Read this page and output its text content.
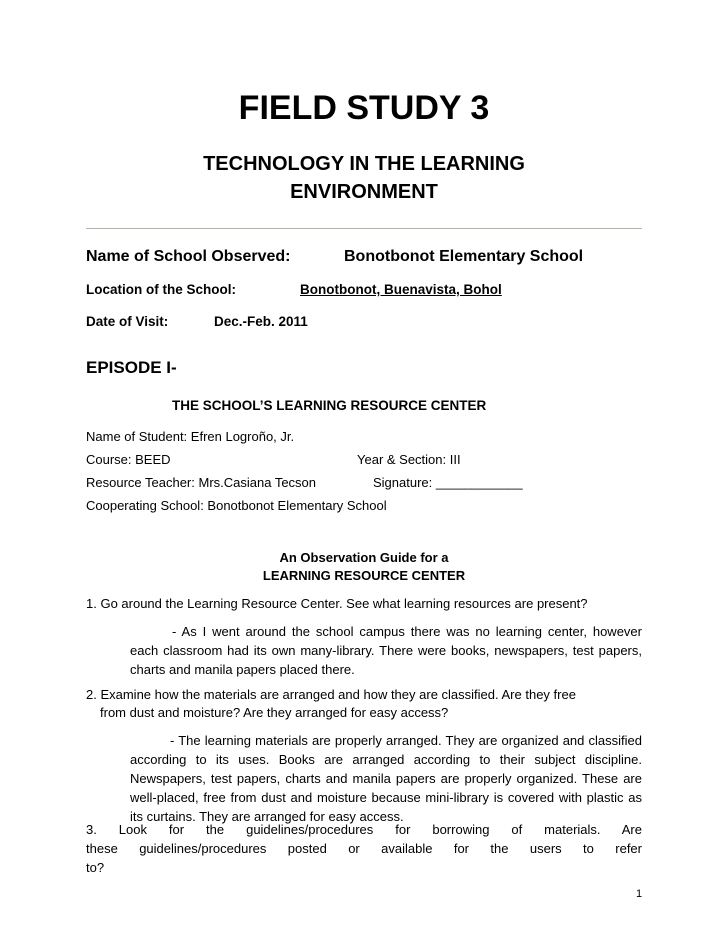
FIELD STUDY 3
TECHNOLOGY IN THE LEARNING
ENVIRONMENT
Name of School Observed:	Bonotbonot Elementary School
Location of the School:	Bonotbonot, Buenavista, Bohol
Date of Visit:	Dec.-Feb. 2011
EPISODE I-
THE SCHOOL’S LEARNING RESOURCE CENTER
Name of Student: Efren Logroño, Jr.
Course: BEED	Year & Section: III
Resource Teacher: Mrs.Casiana Tecson	Signature: ____________
Cooperating School: Bonotbonot Elementary School
An Observation Guide for a
LEARNING RESOURCE CENTER
1. Go around the Learning Resource Center. See what learning resources are present?
- As I went around the school campus there was no learning center, however each classroom had its own many-library. There were books, newspapers, test papers, charts and manila papers placed there.
2. Examine how the materials are arranged and how they are classified. Are they free
from dust and moisture? Are they arranged for easy access?
- The learning materials are properly arranged. They are organized and classified according to its uses. Books are arranged according to their subject discipline. Newspapers, test papers, charts and manila papers are properly organized. These are well-placed, free from dust and moisture because mini-library is covered with plastic as its curtains. They are arranged for easy access.
3. Look for the guidelines/procedures for borrowing of materials. Are these guidelines/procedures posted or available for the users to refer to?
1
